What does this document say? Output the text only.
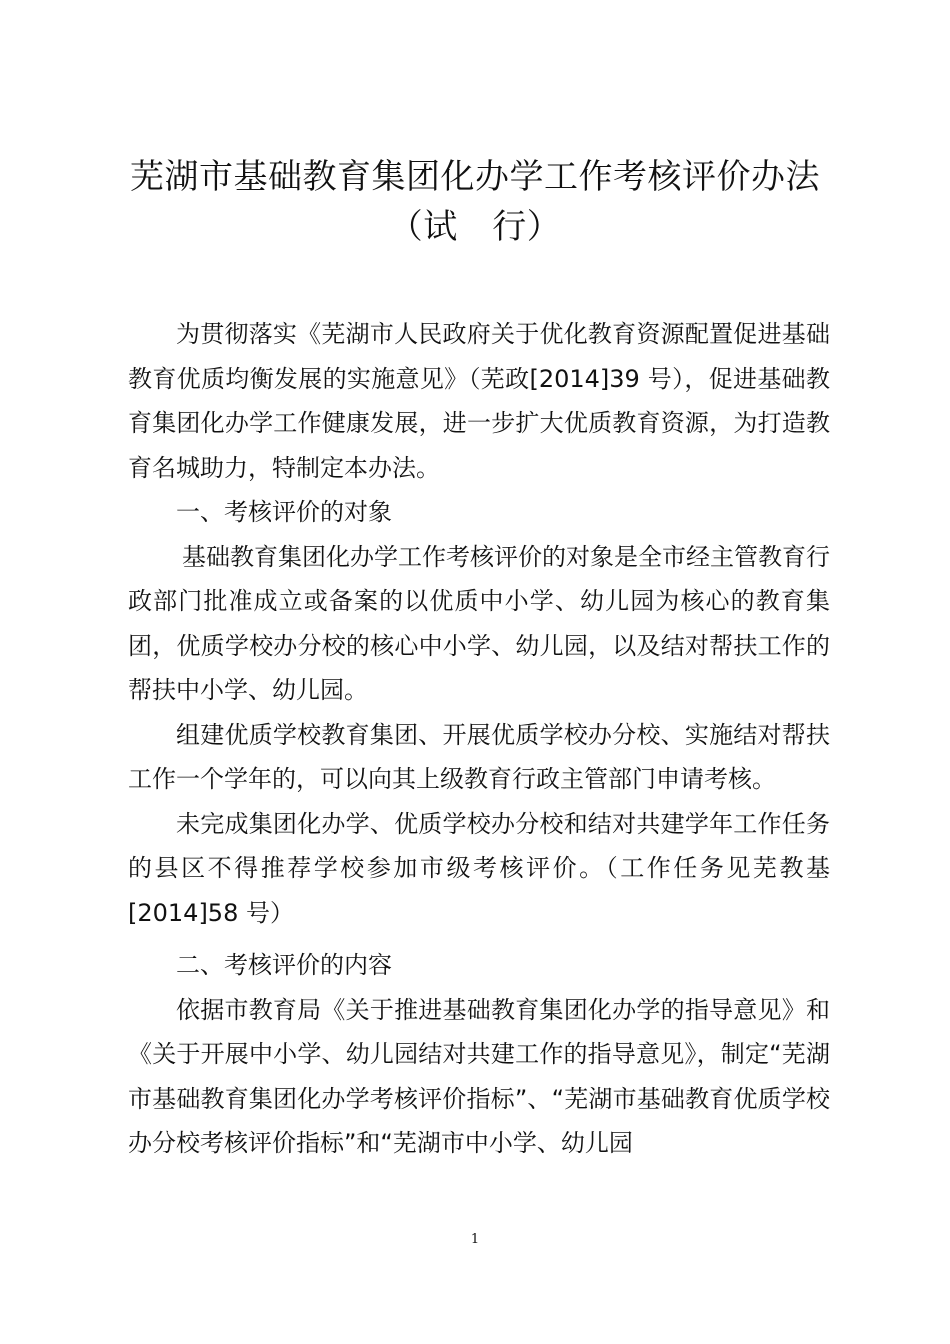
芜湖市基础教育集团化办学工作考核评价办法
（试　行）

为贯彻落实《芜湖市人民政府关于优化教育资源配置促进基础教育优质均衡发展的实施意见》（芜政[2014]39 号），促进基础教育集团化办学工作健康发展，进一步扩大优质教育资源，为打造教育名城助力，特制定本办法。

一、考核评价的对象

基础教育集团化办学工作考核评价的对象是全市经主管教育行政部门批准成立或备案的以优质中小学、幼儿园为核心的教育集团，优质学校办分校的核心中小学、幼儿园，以及结对帮扶工作的帮扶中小学、幼儿园。

组建优质学校教育集团、开展优质学校办分校、实施结对帮扶工作一个学年的，可以向其上级教育行政主管部门申请考核。

未完成集团化办学、优质学校办分校和结对共建学年工作任务的县区不得推荐学校参加市级考核评价。（工作任务见芜教基[2014]58 号）

二、考核评价的内容

依据市教育局《关于推进基础教育集团化办学的指导意见》和《关于开展中小学、幼儿园结对共建工作的指导意见》，制定“芜湖市基础教育集团化办学考核评价指标”、“芜湖市基础教育优质学校办分校考核评价指标”和“芜湖市中小学、幼儿园

1
